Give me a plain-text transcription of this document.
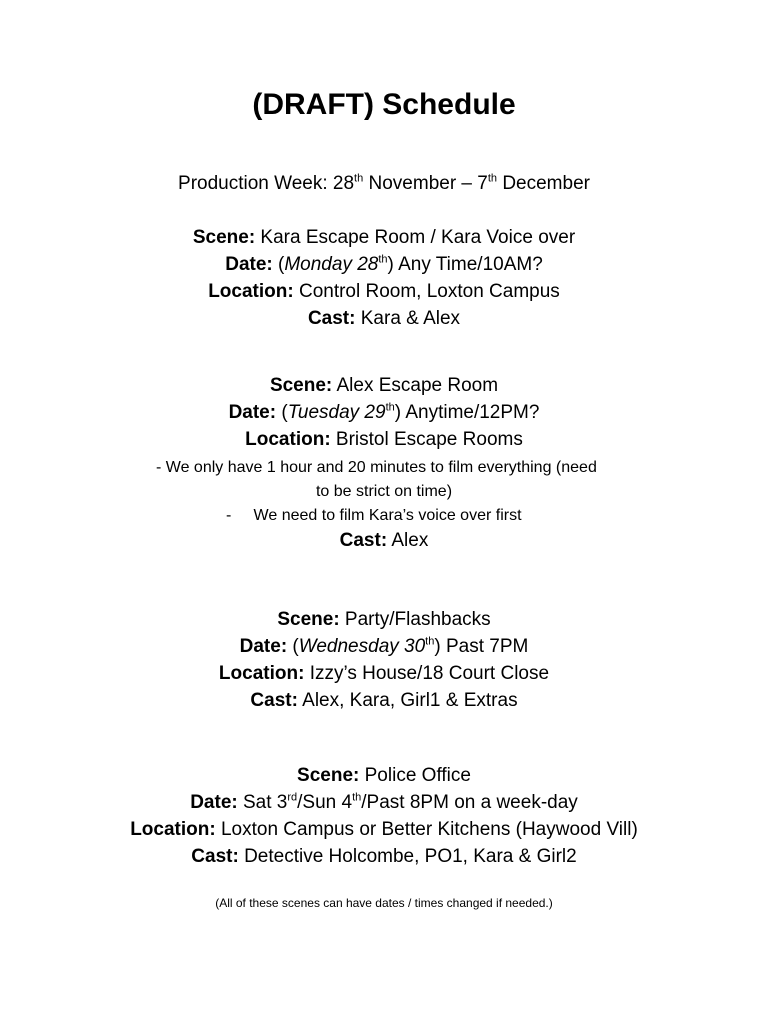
(DRAFT) Schedule
Production Week: 28th November – 7th December
Scene: Kara Escape Room / Kara Voice over
Date: (Monday 28th) Any Time/10AM?
Location: Control Room, Loxton Campus
Cast: Kara & Alex
Scene: Alex Escape Room
Date: (Tuesday 29th) Anytime/12PM?
Location: Bristol Escape Rooms
- We only have 1 hour and 20 minutes to film everything (need
to be strict on time)
-     We need to film Kara’s voice over first
Cast: Alex
Scene: Party/Flashbacks
Date: (Wednesday 30th) Past 7PM
Location: Izzy’s House/18 Court Close
Cast: Alex, Kara, Girl1 & Extras
Scene: Police Office
Date: Sat 3rd/Sun 4th/Past 8PM on a week-day
Location: Loxton Campus or Better Kitchens (Haywood Vill)
Cast: Detective Holcombe, PO1, Kara & Girl2
(All of these scenes can have dates / times changed if needed.)
